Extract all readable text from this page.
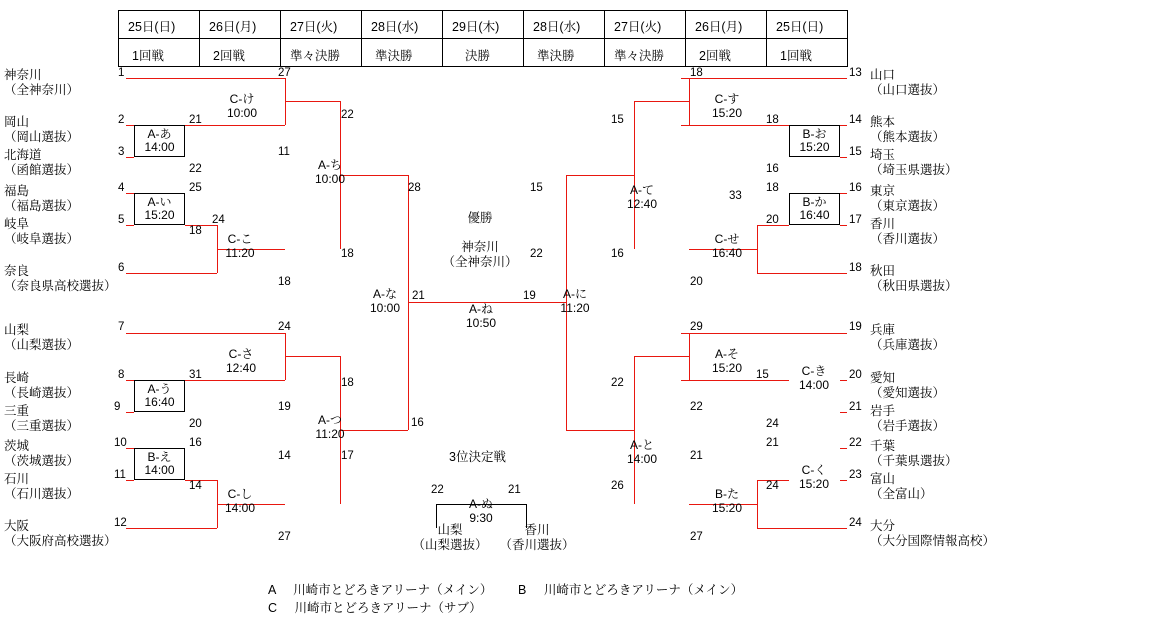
25日(日)	26日(月)	27日(火)	28日(水)	29日(木)	28日(水)	27日(火)	26日(月)	25日(日)
1回戦	2回戦	準々決勝	準決勝	決勝	準決勝	準々決勝	2回戦	1回戦
神奈川
（全神奈川）
岡山
（岡山選抜）
北海道
（函館選抜）
福島
（福島選抜）
岐阜
（岐阜選抜）
奈良
（奈良県高校選抜）
山梨
（山梨選抜）
長崎
（長崎選抜）
三重
（三重選抜）
茨城
（茨城選抜）
石川
（石川選抜）
大阪
（大阪府高校選抜）
山口
（山口選抜）
熊本
（熊本選抜）
埼玉
（埼玉県選抜）
東京
（東京選抜）
香川
（香川選抜）
秋田
（秋田県選抜）
兵庫
（兵庫選抜）
愛知
（愛知選抜）
岩手
（岩手選抜）
千葉
（千葉県選抜）
富山
（全富山）
大分
（大分国際情報高校）
1
2
3
4
5
6
7
8
9
10
11
12
13
14
15
16
17
18
19
20
21
22
23
24
A-あ
14:00
A-い
15:20
A-う
16:40
B-え
14:00
B-お
15:20
B-か
16:40
C-け
10:00
C-こ
11:20
C-さ
12:40
C-し
14:00
C-す
15:20
C-せ
16:40
C-き
14:00
C-く
15:20
A-ち
10:00
A-つ
11:20
B-た
15:20
A-そ
15:20
A-て
12:40
A-と
14:00
A-な
10:00
A-に
11:20
A-ね
10:50
A-ぬ
9:30
優勝
神奈川
（全神奈川）
3位決定戦
山梨
（山梨選抜）
香川
（香川選抜）
27
21	22
11
22
25
24
18
18
18
28
24
31
18
20
16
19
14
14
17
27
16
21	19
22	21
18
15	18
16
18
33
20
20
15
16
22
29
22
15
22
24
21
24
21
26
27
A 川崎市とどろきアリーナ（メイン） B 川崎市とどろきアリーナ（メイン）
C 川崎市とどろきアリーナ（サブ）
